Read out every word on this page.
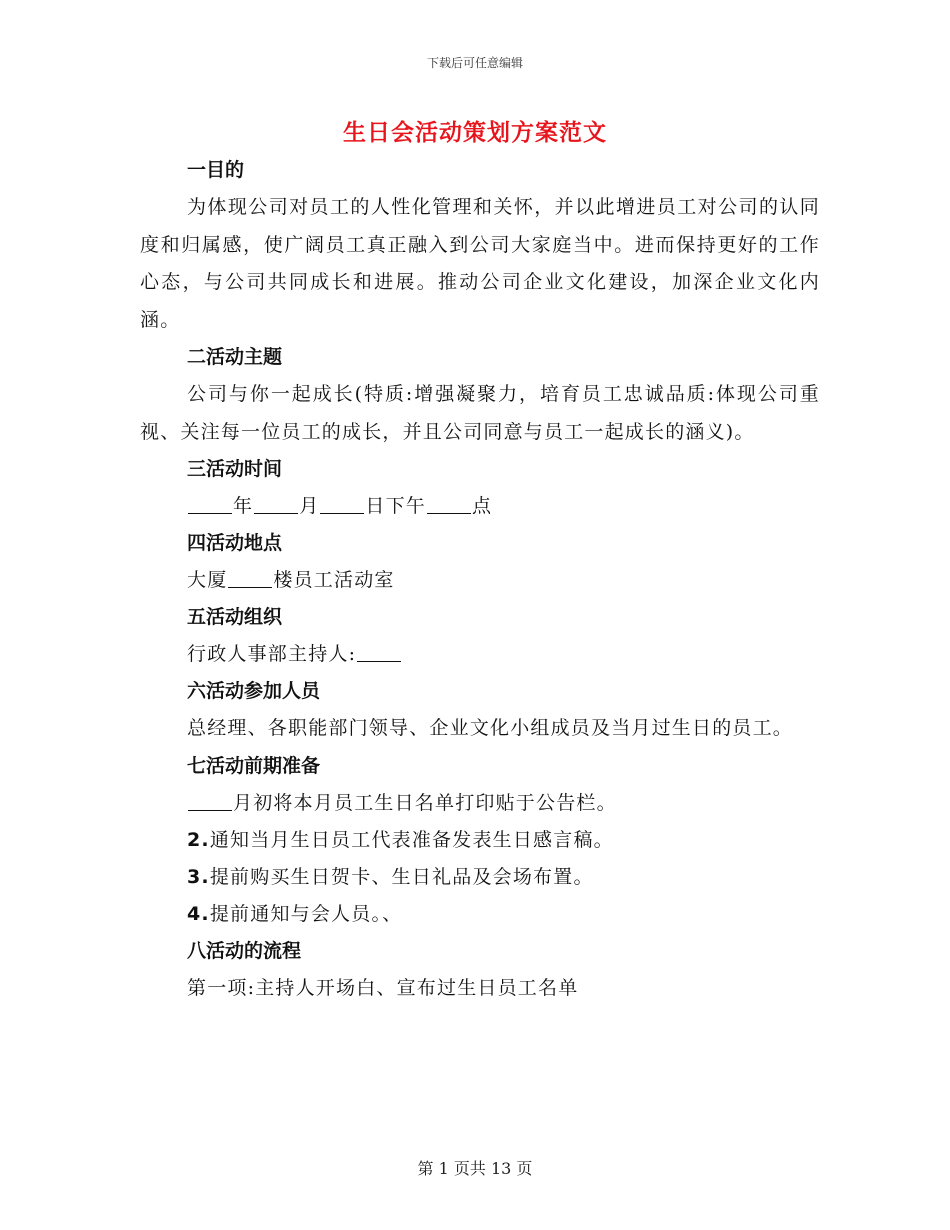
下载后可任意编辑
生日会活动策划方案范文

一目的

为体现公司对员工的人性化管理和关怀，并以此增进员工对公司的认同度和归属感，使广阔员工真正融入到公司大家庭当中。进而保持更好的工作心态，与公司共同成长和进展。推动公司企业文化建设，加深企业文化内涵。

二活动主题

公司与你一起成长(特质:增强凝聚力，培育员工忠诚品质:体现公司重视、关注每一位员工的成长，并且公司同意与员工一起成长的涵义)。

三活动时间

年 月 日下午 点

四活动地点

大厦 楼员工活动室

五活动组织

行政人事部主持人:

六活动参加人员

总经理、各职能部门领导、企业文化小组成员及当月过生日的员工。

七活动前期准备

月初将本月员工生日名单打印贴于公告栏。

2.通知当月生日员工代表准备发表生日感言稿。

3.提前购买生日贺卡、生日礼品及会场布置。

4.提前通知与会人员。、

八活动的流程

第一项:主持人开场白、宣布过生日员工名单

第 1 页共 13 页
